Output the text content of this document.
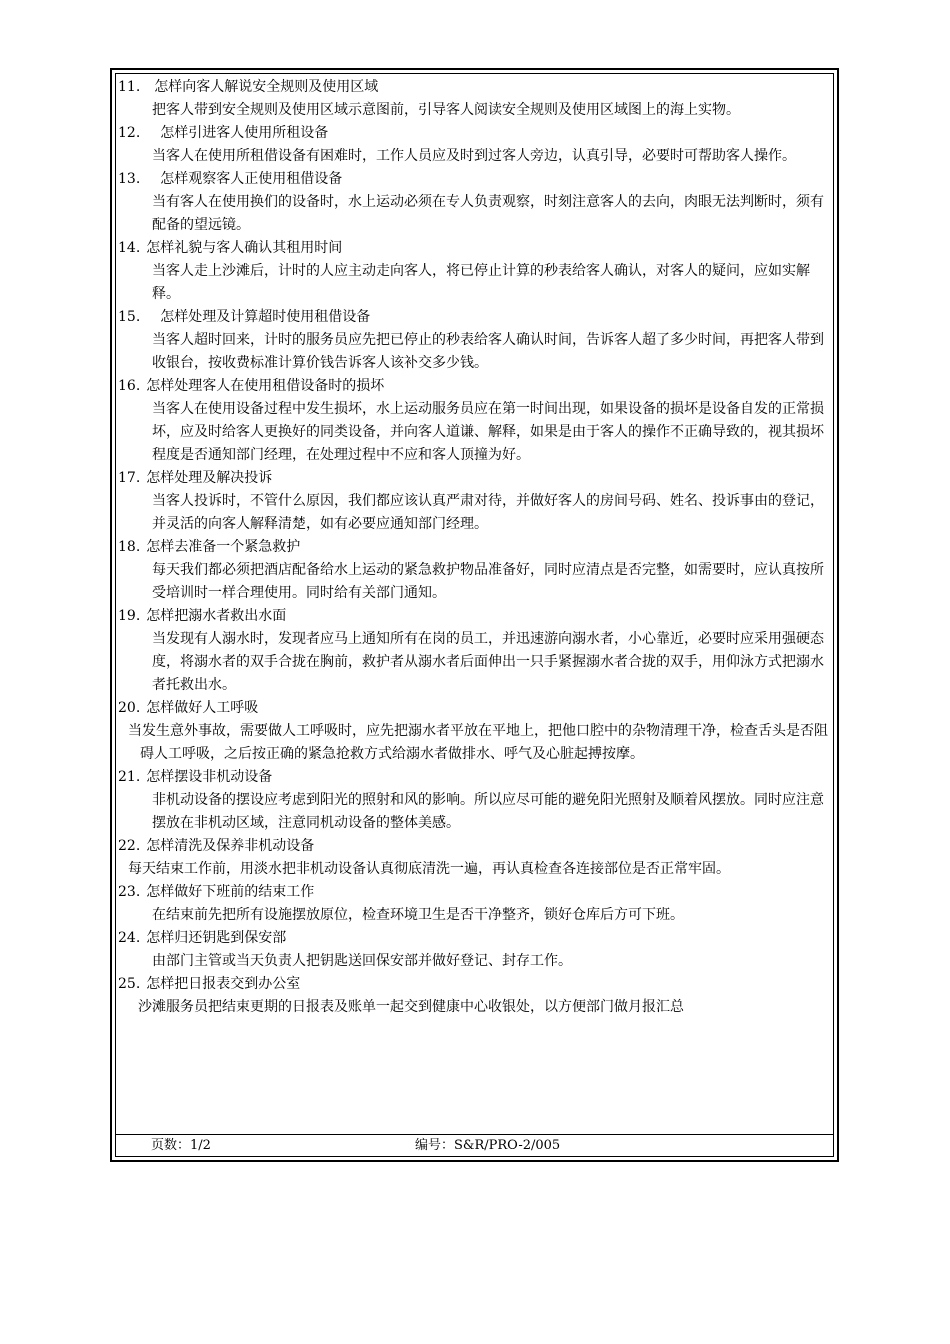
11. 怎样向客人解说安全规则及使用区域

把客人带到安全规则及使用区域示意图前，引导客人阅读安全规则及使用区域图上的海上实物。

12. 怎样引进客人使用所租设备

当客人在使用所租借设备有困难时，工作人员应及时到过客人旁边，认真引导，必要时可帮助客人操作。

13. 怎样观察客人正使用租借设备

当有客人在使用换们的设备时，水上运动必须在专人负责观察，时刻注意客人的去向，肉眼无法判断时，须有配备的望远镜。

14. 怎样礼貌与客人确认其租用时间

当客人走上沙滩后，计时的人应主动走向客人，将已停止计算的秒表给客人确认，对客人的疑问，应如实解释。

15. 怎样处理及计算超时使用租借设备

当客人超时回来，计时的服务员应先把已停止的秒表给客人确认时间，告诉客人超了多少时间，再把客人带到收银台，按收费标准计算价钱告诉客人该补交多少钱。

16. 怎样处理客人在使用租借设备时的损坏

当客人在使用设备过程中发生损坏，水上运动服务员应在第一时间出现，如果设备的损坏是设备自发的正常损坏，应及时给客人更换好的同类设备，并向客人道谦、解释，如果是由于客人的操作不正确导致的，视其损坏程度是否通知部门经理，在处理过程中不应和客人顶撞为好。

17. 怎样处理及解决投诉

当客人投诉时，不管什么原因，我们都应该认真严肃对待，并做好客人的房间号码、姓名、投诉事由的登记，并灵活的向客人解释清楚，如有必要应通知部门经理。

18. 怎样去准备一个紧急救护

每天我们都必须把酒店配备给水上运动的紧急救护物品准备好，同时应清点是否完整，如需要时，应认真按所受培训时一样合理使用。同时给有关部门通知。

19. 怎样把溺水者救出水面

当发现有人溺水时，发现者应马上通知所有在岗的员工，并迅速游向溺水者，小心靠近，必要时应采用强硬态度，将溺水者的双手合拢在胸前，救护者从溺水者后面伸出一只手紧握溺水者合拢的双手，用仰泳方式把溺水者托救出水。

20. 怎样做好人工呼吸

当发生意外事故，需要做人工呼吸时，应先把溺水者平放在平地上，把他口腔中的杂物清理干净，检查舌头是否阻碍人工呼吸，之后按正确的紧急抢救方式给溺水者做排水、呼气及心脏起搏按摩。

21. 怎样摆设非机动设备

非机动设备的摆设应考虑到阳光的照射和风的影响。所以应尽可能的避免阳光照射及顺着风摆放。同时应注意摆放在非机动区域，注意同机动设备的整体美感。

22. 怎样清洗及保养非机动设备

每天结束工作前，用淡水把非机动设备认真彻底清洗一遍，再认真检查各连接部位是否正常牢固。

23. 怎样做好下班前的结束工作

在结束前先把所有设施摆放原位，检查环境卫生是否干净整齐，锁好仓库后方可下班。

24. 怎样归还钥匙到保安部

由部门主管或当天负责人把钥匙送回保安部并做好登记、封存工作。

25. 怎样把日报表交到办公室

沙滩服务员把结束更期的日报表及账单一起交到健康中心收银处，以方便部门做月报汇总

页数：1/2	编号：S&R/PRO-2/005
